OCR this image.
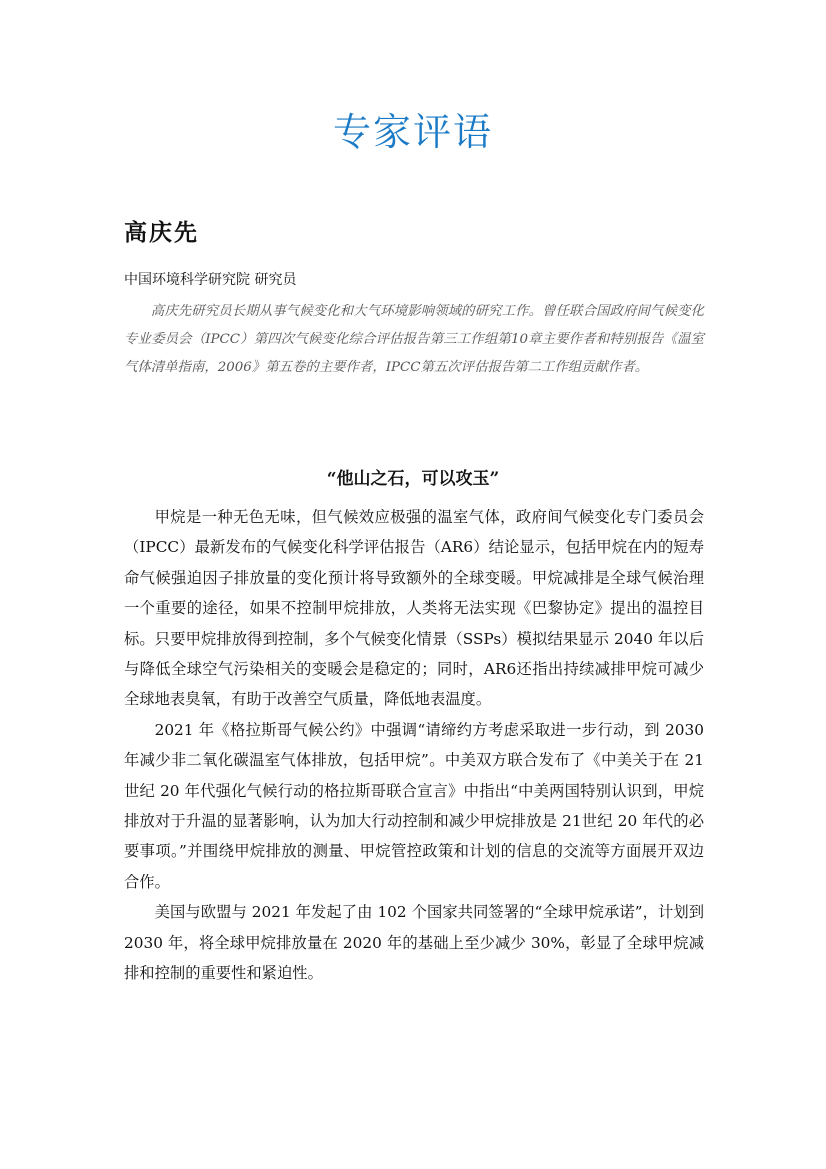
专家评语
高庆先
中国环境科学研究院 研究员
高庆先研究员长期从事气候变化和大气环境影响领域的研究工作。曾任联合国政府间气候变化专业委员会（IPCC）第四次气候变化综合评估报告第三工作组第10章主要作者和特别报告《温室气体清单指南，2006》第五卷的主要作者，IPCC第五次评估报告第二工作组贡献作者。
“他山之石，可以攻玉”

甲烷是一种无色无味，但气候效应极强的温室气体，政府间气候变化专门委员会（IPCC）最新发布的气候变化科学评估报告（AR6）结论显示，包括甲烷在内的短寿命气候强迫因子排放量的变化预计将导致额外的全球变暖。甲烷减排是全球气候治理一个重要的途径，如果不控制甲烷排放，人类将无法实现《巴黎协定》提出的温控目标。只要甲烷排放得到控制，多个气候变化情景（SSPs）模拟结果显示 2040 年以后与降低全球空气污染相关的变暖会是稳定的；同时，AR6还指出持续减排甲烷可减少全球地表臭氧，有助于改善空气质量，降低地表温度。

2021 年《格拉斯哥气候公约》中强调“请缔约方考虑采取进一步行动，到 2030年减少非二氧化碳温室气体排放，包括甲烷”。中美双方联合发布了《中美关于在 21 世纪 20 年代强化气候行动的格拉斯哥联合宣言》中指出“中美两国特别认识到，甲烷排放对于升温的显著影响，认为加大行动控制和减少甲烷排放是 21世纪 20 年代的必要事项。”并围绕甲烷排放的测量、甲烷管控政策和计划的信息的交流等方面展开双边合作。

美国与欧盟与 2021 年发起了由 102 个国家共同签署的“全球甲烷承诺”，计划到 2030 年，将全球甲烷排放量在 2020 年的基础上至少减少 30%，彰显了全球甲烷减排和控制的重要性和紧迫性。
